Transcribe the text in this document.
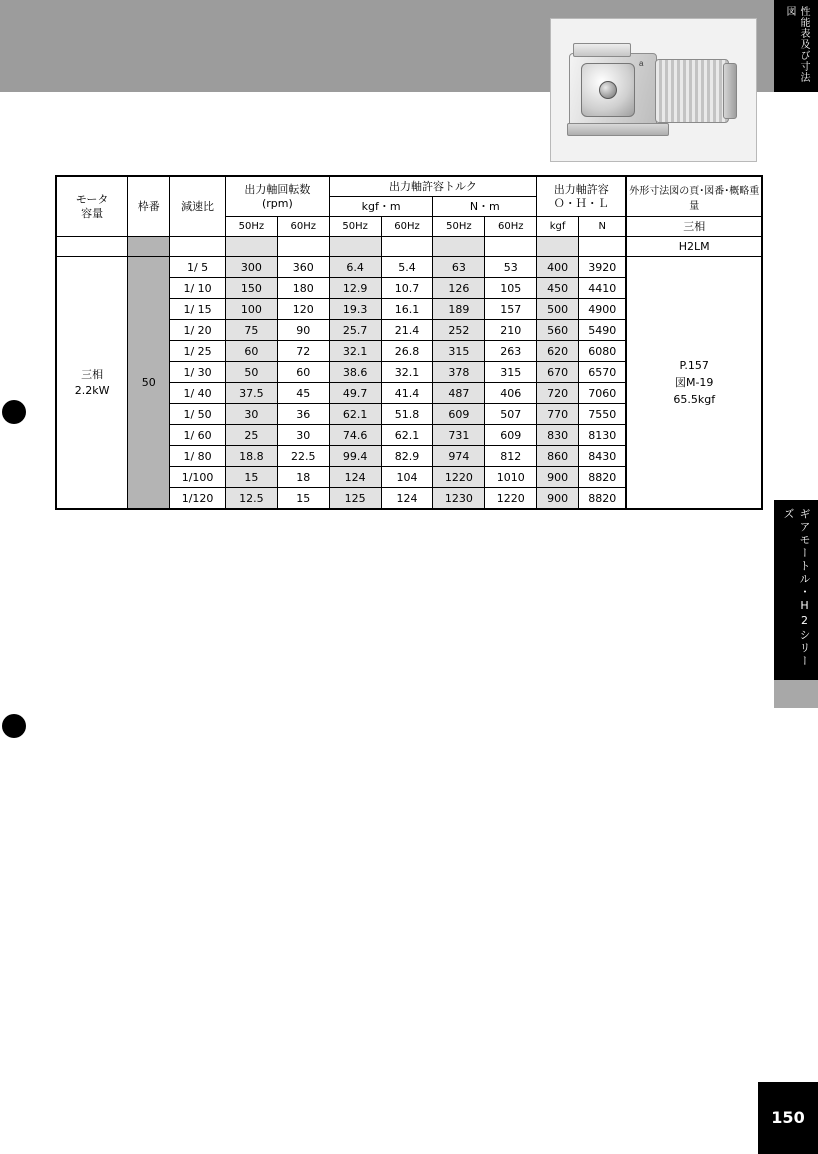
性能表及び寸法図
a
モータ
容量
	枠番	減速比	
出力軸回転数
(rpm)
	出力軸許容トルク	出力軸許容
Ｏ・Ｈ・Ｌ
	外形寸法図の頁･図番･概略重量
					kgf・m		N・m				
			50Hz	60Hz	50Hz	60Hz	50Hz	60Hz	kgf	N	三相
											H2LM

三相
2.2kW
	50	1/ 5	300	360	6.4	5.4	63	53	400	3920	
P.157
図M-19
65.5kgf

		1/ 10	150	180	12.9	10.7	126	105	450	4410	
		1/ 15	100	120	19.3	16.1	189	157	500	4900	
		1/ 20	75	90	25.7	21.4	252	210	560	5490	
		1/ 25	60	72	32.1	26.8	315	263	620	6080	
		1/ 30	50	60	38.6	32.1	378	315	670	6570	
		1/ 40	37.5	45	49.7	41.4	487	406	720	7060	
		1/ 50	30	36	62.1	51.8	609	507	770	7550	
		1/ 60	25	30	74.6	62.1	731	609	830	8130	
		1/ 80	18.8	22.5	99.4	82.9	974	812	860	8430	
		1/100	15	18	124	104	1220	1010	900	8820	
		1/120	12.5	15	125	124	1230	1220	900	8820	
ギアモートル・H2シリーズ
150
